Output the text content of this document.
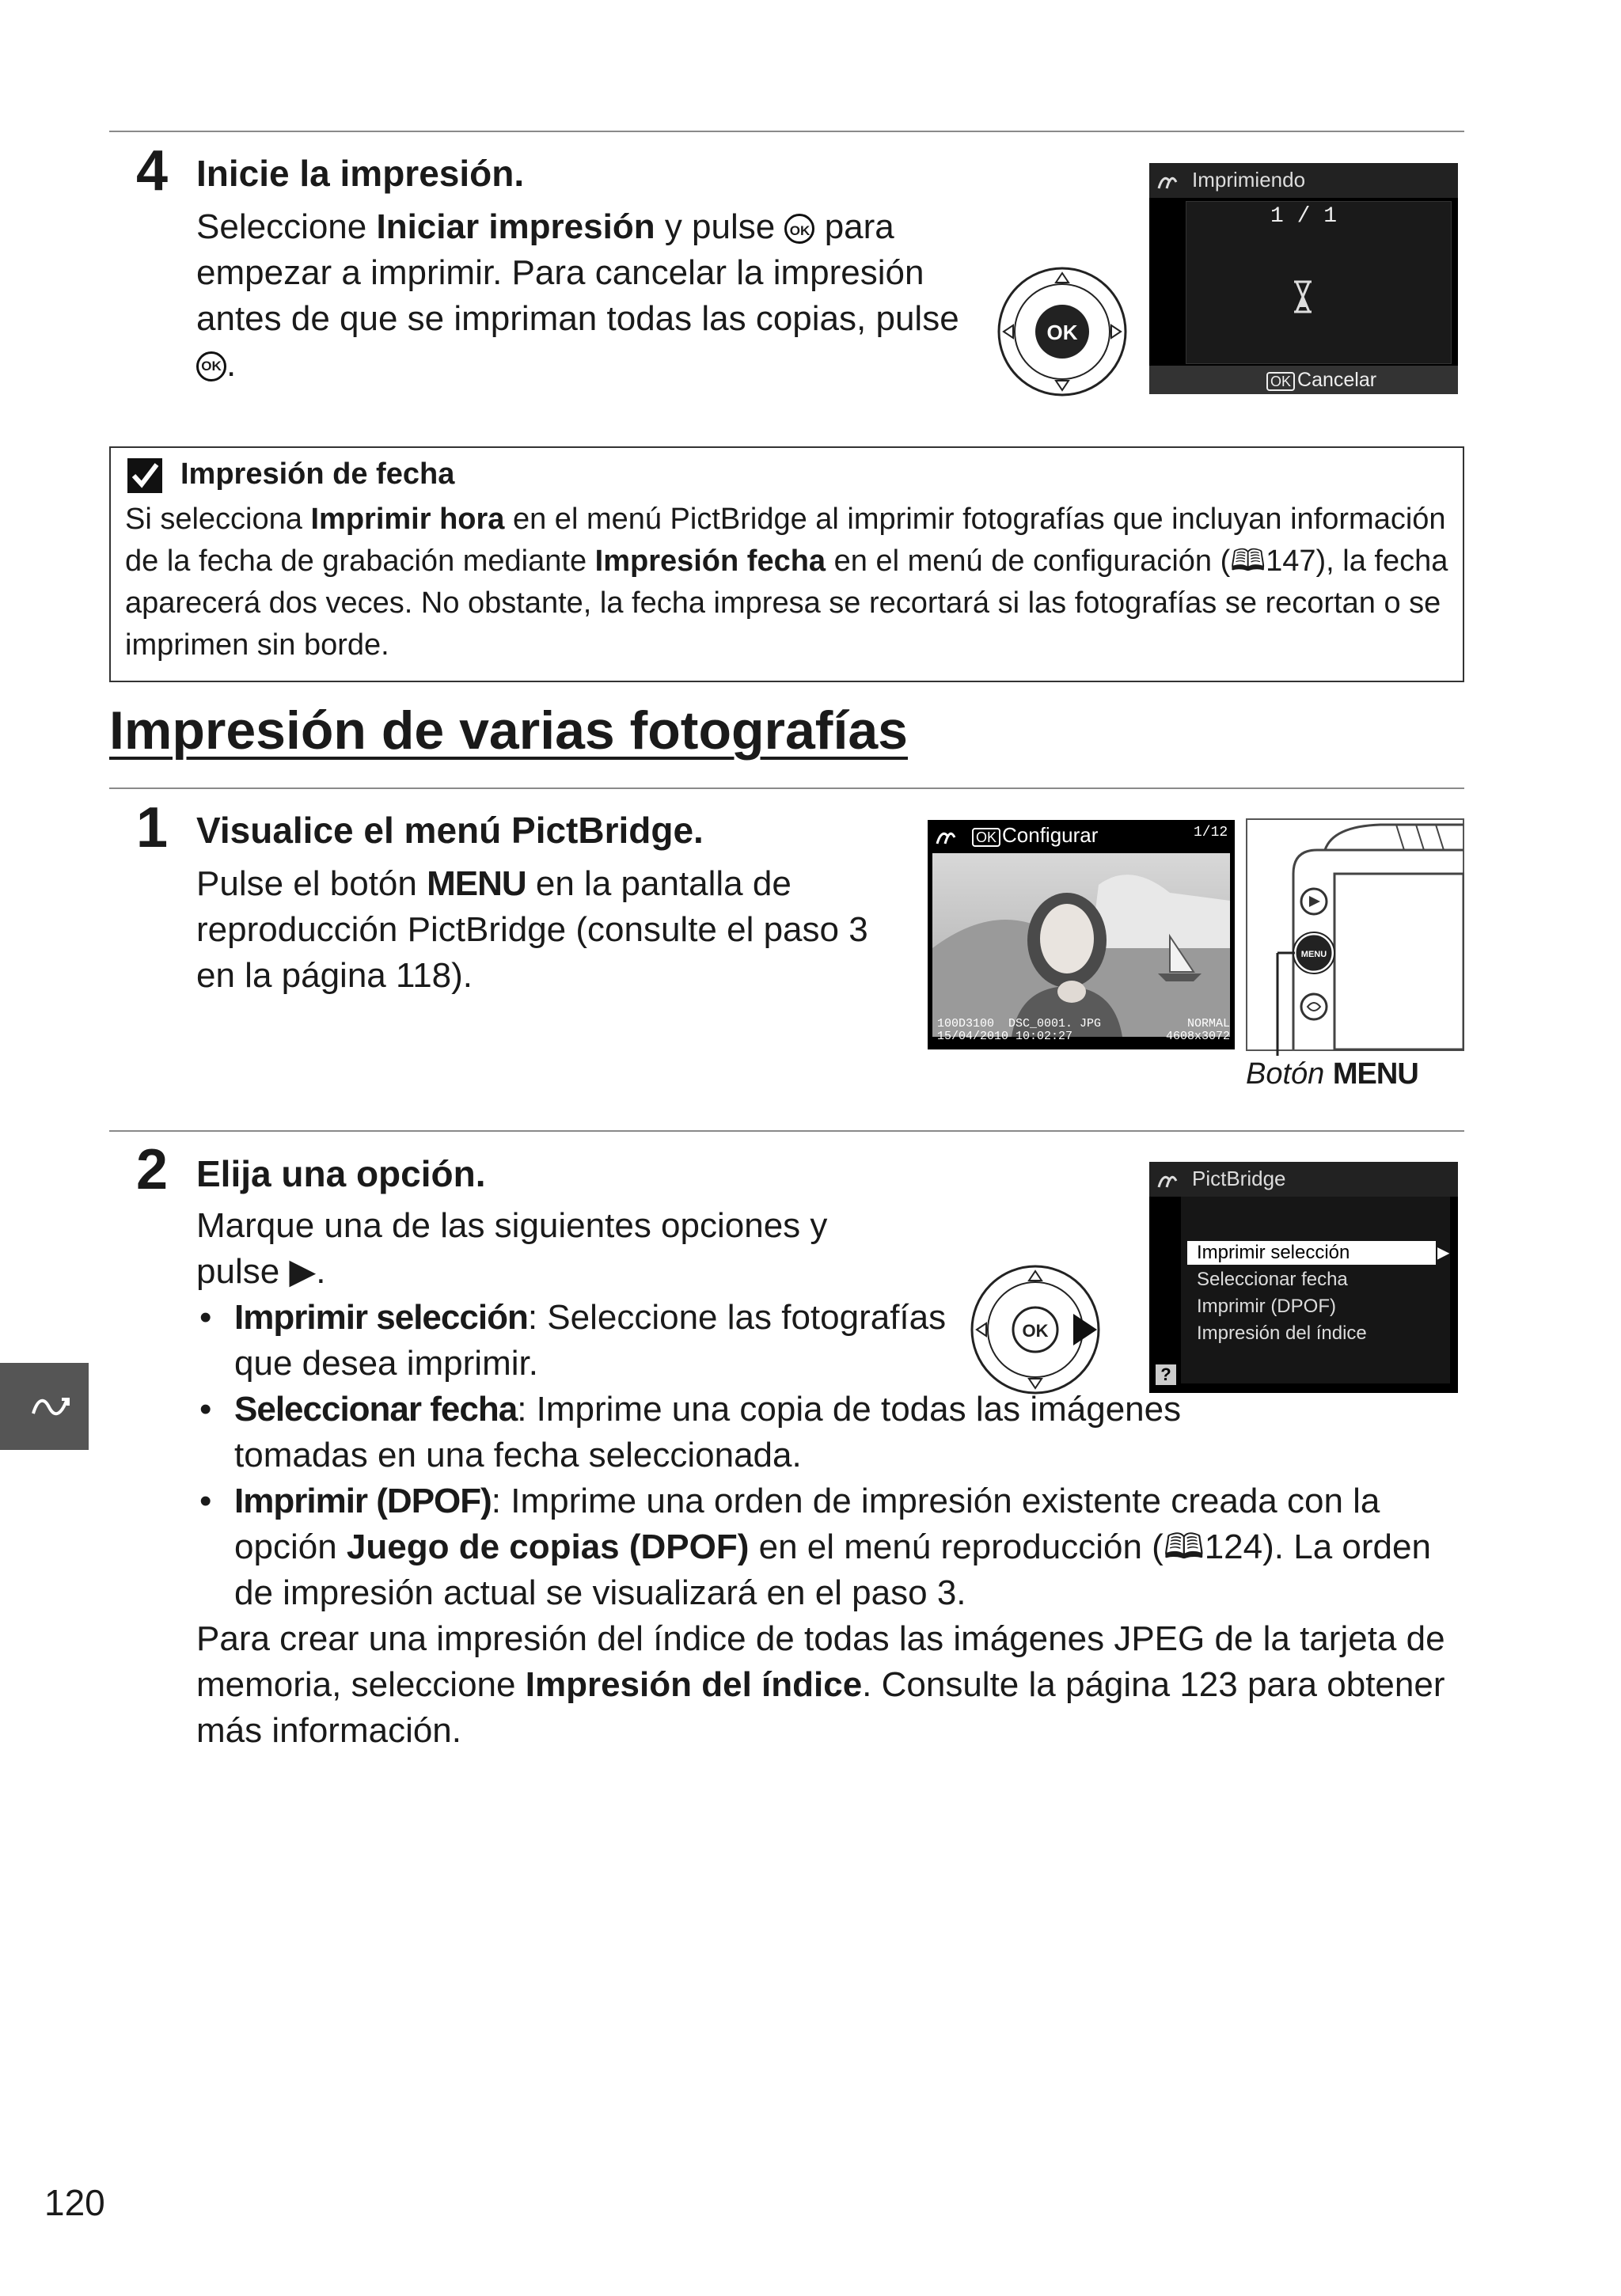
4 Inicie la impresión.
Seleccione Iniciar impresión y pulse OK para empezar a imprimir. Para cancelar la impresión antes de que se impriman todas las copias, pulse OK .
OK
Imprimiendo
1 / 1
OK Cancelar
Impresión de fecha
Si selecciona Imprimir hora en el menú PictBridge al imprimir fotografías que incluyan información de la fecha de grabación mediante Impresión fecha en el menú de configuración (🕮147), la fecha aparecerá dos veces. No obstante, la fecha impresa se recortará si las fotografías se recortan o se imprimen sin borde.
Impresión de varias fotografías
1 Visualice el menú PictBridge.
Pulse el botón MENU en la pantalla de reproducción PictBridge (consulte el paso 3 en la página 118).
OK Configurar	1/12
100D3100 DSC_0001. JPG
15/04/2010 10:02:27
NORMAL
4608x3072
MENU
Botón MENU
2 Elija una opción.
Marque una de las siguientes opciones y pulse ▶.
OK
PictBridge
Imprimir selección	▶
Seleccionar fecha
Imprimir (DPOF)
Impresión del índice
?
• Imprimir selección: Seleccione las fotografías que desea imprimir.
• Seleccionar fecha: Imprime una copia de todas las imágenes tomadas en una fecha seleccionada.
• Imprimir (DPOF): Imprime una orden de impresión existente creada con la opción Juego de copias (DPOF) en el menú reproducción (🕮124). La orden de impresión actual se visualizará en el paso 3.
Para crear una impresión del índice de todas las imágenes JPEG de la tarjeta de memoria, seleccione Impresión del índice. Consulte la página 123 para obtener más información.
120
